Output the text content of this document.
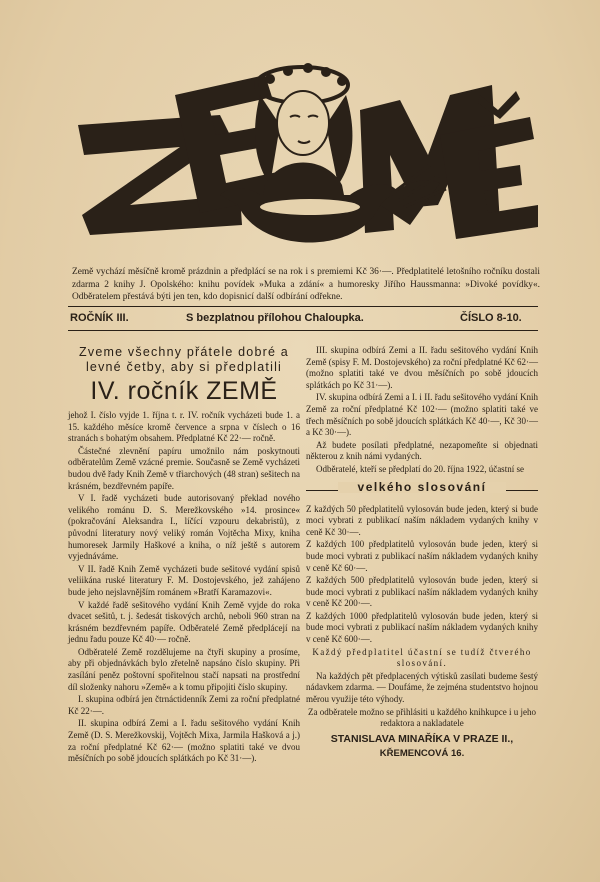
Země vychází měsíčně kromě prázdnin a předplácí se na rok i s premiemi Kč 36·—. Předplatitelé letošního ročníku dostali zdarma 2 knihy J. Opolského: knihu povídek »Muka a zdání« a humoresky Jiřího Haussmanna: »Divoké povídky«. Odběratelem přestává býti jen ten, kdo dopisnicí další odbírání odřekne.
ROČNÍK III.	S bezplatnou přílohou Chaloupka.	ČÍSLO 8-10.
Zveme všechny přátele dobré a levné četby, aby si předplatili
IV. ročník ZEMĚ

jehož I. číslo vyjde 1. října t. r. IV. ročník vycházeti bude 1. a 15. každého měsíce kromě července a srpna v číslech o 16 stranách s bohatým obsahem. Předplatné Kč 22·— ročně.

Částečné zlevnění papíru umožnilo nám poskytnouti odběratelům Země vzácné premie. Současně se Země vycházeti budou dvě řady Knih Země v třiarchových (48 stran) sešitech na krásném, bezdřevném papíře.

V I. řadě vycházeti bude autorisovaný překlad nového velikého románu D. S. Merežkovského »14. prosince« (pokračování Aleksandra I., líčící vzpouru dekabristů), z původní literatury nový veliký román Vojtěcha Mixy, kniha humoresek Jarmily Haškové a kniha, o níž ještě s autorem vyjednáváme.

V II. řadě Knih Země vycházeti bude sešitové vydání spisů veliikána ruské literatury F. M. Dostojevského, jež zahájeno bude jeho nejslavnějším románem »Bratří Karamazovi«.

V každé řadě sešitového vydání Knih Země vyjde do roka dvacet sešitů, t. j. šedesát tiskových archů, neboli 960 stran na krásném bezdřevném papíře. Odběratelé Země předplácejí na jednu řadu pouze Kč 40·— ročně.

Odběratelé Země rozdělujeme na čtyři skupiny a prosíme, aby při objednávkách bylo zřetelně napsáno číslo skupiny. Při zasílání peněz poštovní spořitelnou stačí napsati na prostřední díl složenky nahoru »Země« a k tomu připojiti číslo skupiny.

I. skupina odbírá jen čtrnáctidenník Zemi za roční předplatné Kč 22·—.

II. skupina odbírá Zemi a I. řadu sešitového vydání Knih Země (D. S. Merežkovskij, Vojtěch Mixa, Jarmila Hašková a j.) za roční předplatné Kč 62·— (možno splatiti také ve dvou měsíčních po sobě jdoucích splátkách po Kč 31·—).

III. skupina odbírá Zemi a II. řadu sešitového vydání Knih Země (spisy F. M. Dostojevského) za roční předplatné Kč 62·— (možno splatiti také ve dvou měsíčních po sobě jdoucích splátkách po Kč 31·—).

IV. skupina odbírá Zemi a I. i II. řadu sešitového vydání Knih Země za roční předplatné Kč 102·— (možno splatiti také ve třech měsíčních po sobě jdoucích splátkách Kč 40·—, Kč 30·— a Kč 30·—).

Až budete posílati předplatné, nezapomeňte si objednati některou z knih námi vydaných.

Odběratelé, kteří se předplatí do 20. října 1922, účastní se

velkého slosování

Z každých 50 předplatitelů vylosován bude jeden, který si bude moci vybrati z publikací naším nákladem vydaných knihy v ceně Kč 30·—.

Z každých 100 předplatitelů vylosován bude jeden, který si bude moci vybrati z publikací naším nákladem vydaných knihy v ceně Kč 60·—.

Z každých 500 předplatitelů vylosován bude jeden, který si bude moci vybrati z publikací naším nákladem vydaných knihy v ceně Kč 200·—.

Z každých 1000 předplatitelů vylosován bude jeden, který si bude moci vybrati z publikací naším nákladem vydaných knihy v ceně Kč 600·—.

Každý předplatitel účastní se tudíž čtverého slosování.

Na každých pět předplacených výtisků zasílati budeme šestý nádavkem zdarma. — Doufáme, že zejména studentstvo hojnou měrou využije této výhody.

Za odběratele možno se přihlásiti u každého knihkupce i u jeho redaktora a nakladatele

STANISLAVA MINAŘÍKA V PRAZE II.,
KŘEMENCOVÁ 16.
